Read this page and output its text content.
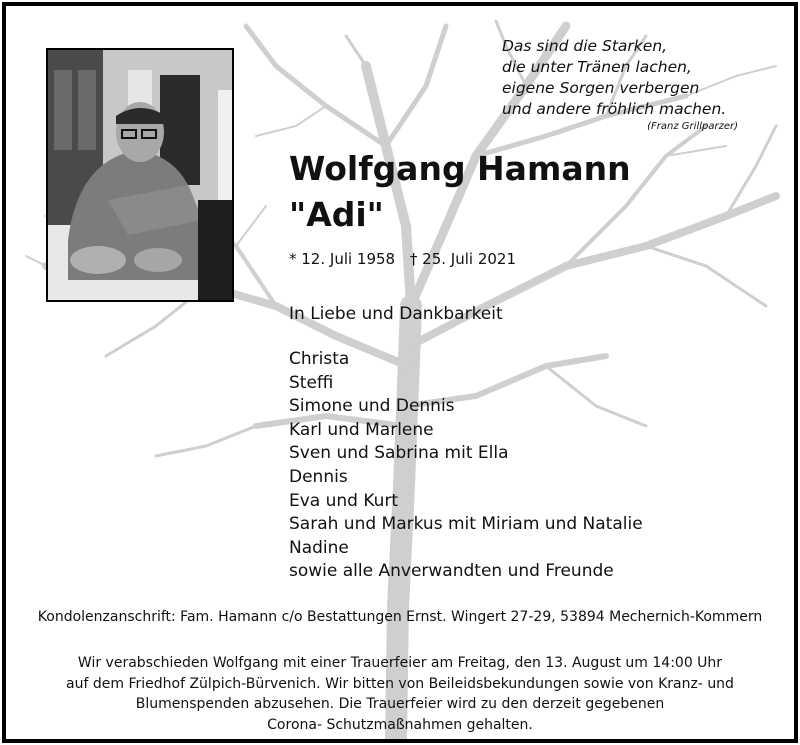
Das sind die Starken,
die unter Tränen lachen,
eigene Sorgen verbergen
und andere fröhlich machen.
(Franz Grillparzer)
Wolfgang Hamann
"Adi"
* 12. Juli 1958 † 25. Juli 2021
In Liebe und Dankbarkeit
Christa
Steffi
Simone und Dennis
Karl und Marlene
Sven und Sabrina mit Ella
Dennis
Eva und Kurt
Sarah und Markus mit Miriam und Natalie
Nadine
sowie alle Anverwandten und Freunde
Kondolenzanschrift: Fam. Hamann c/o Bestattungen Ernst. Wingert 27-29, 53894 Mechernich-Kommern
Wir verabschieden Wolfgang mit einer Trauerfeier am Freitag, den 13. August um 14:00 Uhr
auf dem Friedhof Zülpich-Bürvenich. Wir bitten von Beileidsbekundungen sowie von Kranz- und
Blumenspenden abzusehen. Die Trauerfeier wird zu den derzeit gegebenen
Corona- Schutzmaßnahmen gehalten.
